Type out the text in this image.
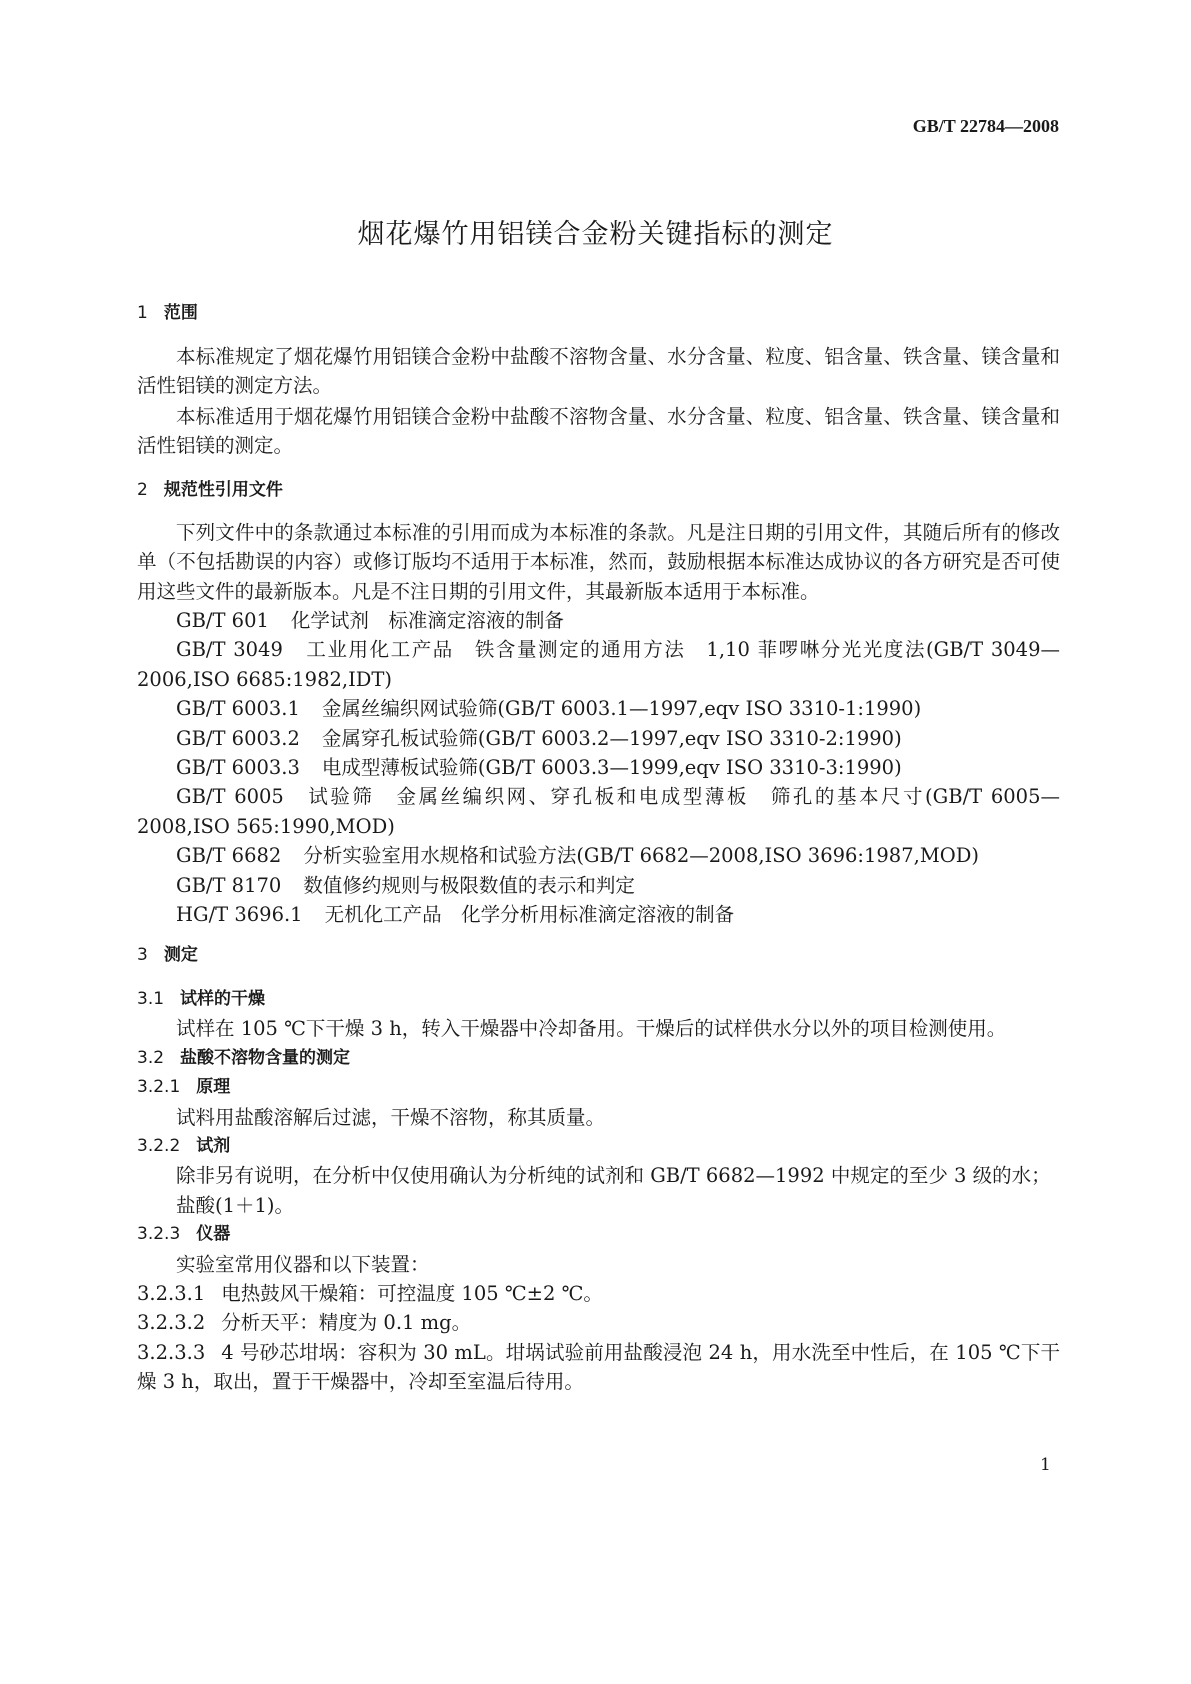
GB/T 22784—2008
烟花爆竹用铝镁合金粉关键指标的测定
1 范围
本标准规定了烟花爆竹用铝镁合金粉中盐酸不溶物含量、水分含量、粒度、铝含量、铁含量、镁含量和活性铝镁的测定方法。
本标准适用于烟花爆竹用铝镁合金粉中盐酸不溶物含量、水分含量、粒度、铝含量、铁含量、镁含量和活性铝镁的测定。
2 规范性引用文件
下列文件中的条款通过本标准的引用而成为本标准的条款。凡是注日期的引用文件，其随后所有的修改单（不包括勘误的内容）或修订版均不适用于本标准，然而，鼓励根据本标准达成协议的各方研究是否可使用这些文件的最新版本。凡是不注日期的引用文件，其最新版本适用于本标准。
GB/T 601 化学试剂　标准滴定溶液的制备
GB/T 3049 工业用化工产品　铁含量测定的通用方法　1,10 菲啰啉分光光度法(GB/T 3049—2006,ISO 6685:1982,IDT)
GB/T 6003.1 金属丝编织网试验筛(GB/T 6003.1—1997,eqv ISO 3310-1:1990)
GB/T 6003.2 金属穿孔板试验筛(GB/T 6003.2—1997,eqv ISO 3310-2:1990)
GB/T 6003.3 电成型薄板试验筛(GB/T 6003.3—1999,eqv ISO 3310-3:1990)
GB/T 6005 试验筛　金属丝编织网、穿孔板和电成型薄板　筛孔的基本尺寸(GB/T 6005—2008,ISO 565:1990,MOD)
GB/T 6682 分析实验室用水规格和试验方法(GB/T 6682—2008,ISO 3696:1987,MOD)
GB/T 8170 数值修约规则与极限数值的表示和判定
HG/T 3696.1 无机化工产品　化学分析用标准滴定溶液的制备
3 测定
3.1 试样的干燥
试样在 105 ℃下干燥 3 h，转入干燥器中冷却备用。干燥后的试样供水分以外的项目检测使用。
3.2 盐酸不溶物含量的测定
3.2.1 原理
试料用盐酸溶解后过滤，干燥不溶物，称其质量。
3.2.2 试剂
除非另有说明，在分析中仅使用确认为分析纯的试剂和 GB/T 6682—1992 中规定的至少 3 级的水；
盐酸(1＋1)。
3.2.3 仪器
实验室常用仪器和以下装置：
3.2.3.1 电热鼓风干燥箱：可控温度 105 ℃±2 ℃。
3.2.3.2 分析天平：精度为 0.1 mg。
3.2.3.3 4 号砂芯坩埚：容积为 30 mL。坩埚试验前用盐酸浸泡 24 h，用水洗至中性后，在 105 ℃下干燥 3 h，取出，置于干燥器中，冷却至室温后待用。
1
